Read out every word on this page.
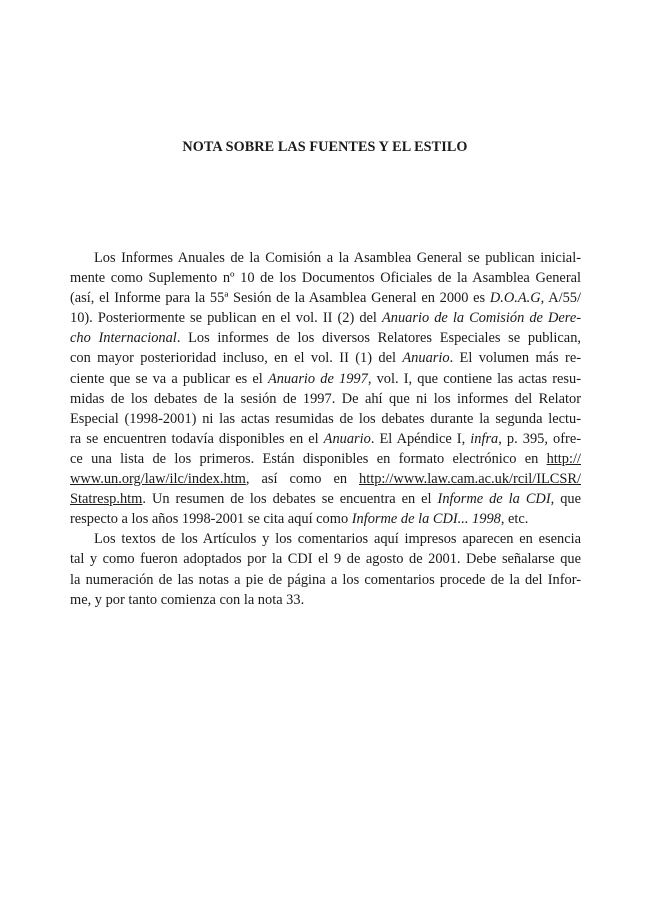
NOTA SOBRE LAS FUENTES Y EL ESTILO
Los Informes Anuales de la Comisión a la Asamblea General se publican inicial-
mente como Suplemento nº 10 de los Documentos Oficiales de la Asamblea General
(así, el Informe para la 55ª Sesión de la Asamblea General en 2000 es D.O.A.G, A/55/
10). Posteriormente se publican en el vol. II (2) del Anuario de la Comisión de Dere-
cho Internacional. Los informes de los diversos Relatores Especiales se publican,
con mayor posterioridad incluso, en el vol. II (1) del Anuario. El volumen más re-
ciente que se va a publicar es el Anuario de 1997, vol. I, que contiene las actas resu-
midas de los debates de la sesión de 1997. De ahí que ni los informes del Relator
Especial (1998-2001) ni las actas resumidas de los debates durante la segunda lectu-
ra se encuentren todavía disponibles en el Anuario. El Apéndice I, infra, p. 395, ofre-
ce una lista de los primeros. Están disponibles en formato electrónico en http://
www.un.org/law/ilc/index.htm, así como en http://www.law.cam.ac.uk/rcil/ILCSR/
Statresp.htm. Un resumen de los debates se encuentra en el Informe de la CDI, que
respecto a los años 1998-2001 se cita aquí como Informe de la CDI... 1998, etc.
Los textos de los Artículos y los comentarios aquí impresos aparecen en esencia
tal y como fueron adoptados por la CDI el 9 de agosto de 2001. Debe señalarse que
la numeración de las notas a pie de página a los comentarios procede de la del Infor-
me, y por tanto comienza con la nota 33.
